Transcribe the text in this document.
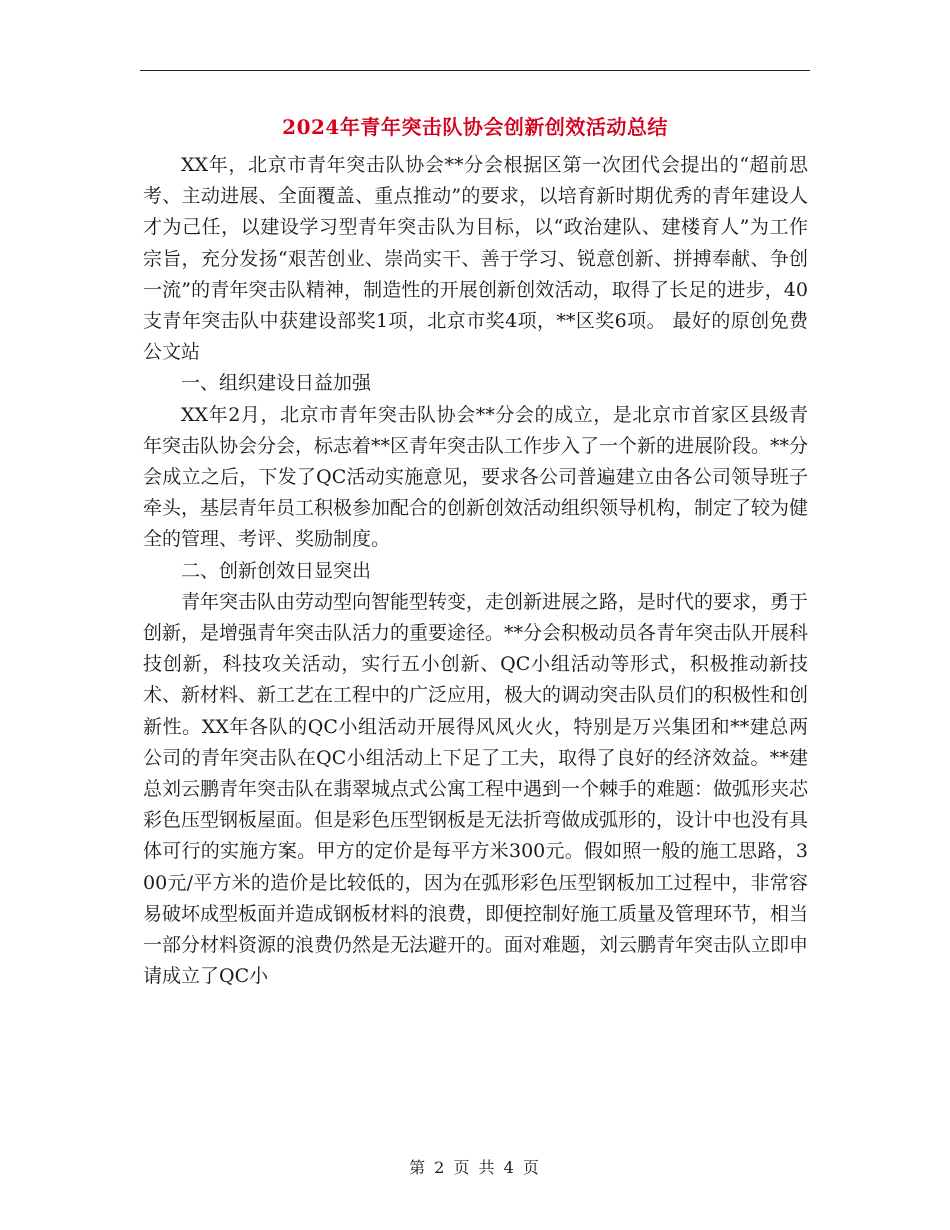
2024年青年突击队协会创新创效活动总结

XX年，北京市青年突击队协会**分会根据区第一次团代会提出的“超前思考、主动进展、全面覆盖、重点推动”的要求，以培育新时期优秀的青年建设人才为己任，以建设学习型青年突击队为目标，以“政治建队、建楼育人”为工作宗旨，充分发扬“艰苦创业、崇尚实干、善于学习、锐意创新、拼搏奉献、争创一流”的青年突击队精神，制造性的开展创新创效活动，取得了长足的进步，40支青年突击队中获建设部奖1项，北京市奖4项，**区奖6项。 最好的原创免费公文站

一、组织建设日益加强

XX年2月，北京市青年突击队协会**分会的成立，是北京市首家区县级青年突击队协会分会，标志着**区青年突击队工作步入了一个新的进展阶段。**分会成立之后，下发了QC活动实施意见，要求各公司普遍建立由各公司领导班子牵头，基层青年员工积极参加配合的创新创效活动组织领导机构，制定了较为健全的管理、考评、奖励制度。

二、创新创效日显突出

青年突击队由劳动型向智能型转变，走创新进展之路，是时代的要求，勇于创新，是增强青年突击队活力的重要途径。**分会积极动员各青年突击队开展科技创新，科技攻关活动，实行五小创新、QC小组活动等形式，积极推动新技术、新材料、新工艺在工程中的广泛应用，极大的调动突击队员们的积极性和创新性。XX年各队的QC小组活动开展得风风火火，特别是万兴集团和**建总两公司的青年突击队在QC小组活动上下足了工夫，取得了良好的经济效益。**建总刘云鹏青年突击队在翡翠城点式公寓工程中遇到一个棘手的难题：做弧形夹芯彩色压型钢板屋面。但是彩色压型钢板是无法折弯做成弧形的，设计中也没有具体可行的实施方案。甲方的定价是每平方米300元。假如照一般的施工思路，300元/平方米的造价是比较低的，因为在弧形彩色压型钢板加工过程中，非常容易破坏成型板面并造成钢板材料的浪费，即便控制好施工质量及管理环节，相当一部分材料资源的浪费仍然是无法避开的。面对难题，刘云鹏青年突击队立即申请成立了QC小

第 2 页 共 4 页
